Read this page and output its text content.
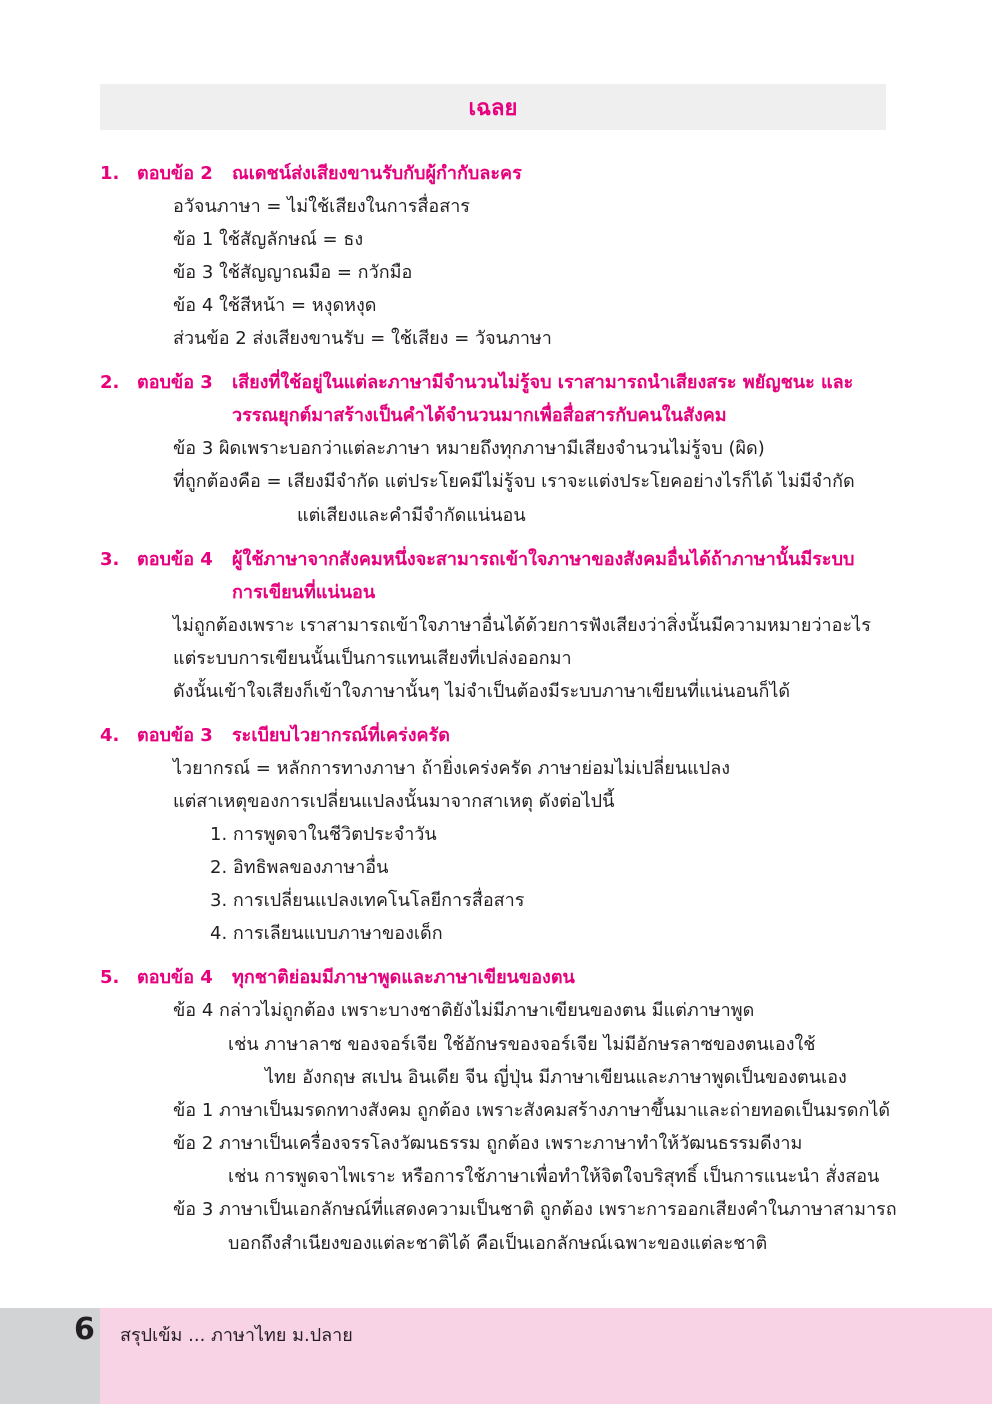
เฉลย
1. ตอบข้อ 2 ณเดชน์ส่งเสียงขานรับกับผู้กำกับละคร
อวัจนภาษา = ไม่ใช้เสียงในการสื่อสาร
ข้อ 1 ใช้สัญลักษณ์ = ธง
ข้อ 3 ใช้สัญญาณมือ = กวักมือ
ข้อ 4 ใช้สีหน้า = หงุดหงุด
ส่วนข้อ 2 ส่งเสียงขานรับ = ใช้เสียง = วัจนภาษา
2. ตอบข้อ 3 เสียงที่ใช้อยู่ในแต่ละภาษามีจำนวนไม่รู้จบ เราสามารถนำเสียงสระ พยัญชนะ และ
วรรณยุกต์มาสร้างเป็นคำได้จำนวนมากเพื่อสื่อสารกับคนในสังคม
ข้อ 3 ผิดเพราะบอกว่าแต่ละภาษา หมายถึงทุกภาษามีเสียงจำนวนไม่รู้จบ (ผิด)
ที่ถูกต้องคือ = เสียงมีจำกัด แต่ประโยคมีไม่รู้จบ เราจะแต่งประโยคอย่างไรก็ได้ ไม่มีจำกัด
แต่เสียงและคำมีจำกัดแน่นอน
3. ตอบข้อ 4 ผู้ใช้ภาษาจากสังคมหนึ่งจะสามารถเข้าใจภาษาของสังคมอื่นได้ถ้าภาษานั้นมีระบบ
การเขียนที่แน่นอน
ไม่ถูกต้องเพราะ เราสามารถเข้าใจภาษาอื่นได้ด้วยการฟังเสียงว่าสิ่งนั้นมีความหมายว่าอะไร
แต่ระบบการเขียนนั้นเป็นการแทนเสียงที่เปล่งออกมา
ดังนั้นเข้าใจเสียงก็เข้าใจภาษานั้นๆ ไม่จำเป็นต้องมีระบบภาษาเขียนที่แน่นอนก็ได้
4. ตอบข้อ 3 ระเบียบไวยากรณ์ที่เคร่งครัด
ไวยากรณ์ = หลักการทางภาษา ถ้ายิ่งเคร่งครัด ภาษาย่อมไม่เปลี่ยนแปลง
แต่สาเหตุของการเปลี่ยนแปลงนั้นมาจากสาเหตุ ดังต่อไปนี้
1. การพูดจาในชีวิตประจำวัน
2. อิทธิพลของภาษาอื่น
3. การเปลี่ยนแปลงเทคโนโลยีการสื่อสาร
4. การเลียนแบบภาษาของเด็ก
5. ตอบข้อ 4 ทุกชาติย่อมมีภาษาพูดและภาษาเขียนของตน
ข้อ 4 กล่าวไม่ถูกต้อง เพราะบางชาติยังไม่มีภาษาเขียนของตน มีแต่ภาษาพูด
เช่น ภาษาลาซ ของจอร์เจีย ใช้อักษรของจอร์เจีย ไม่มีอักษรลาซของตนเองใช้
ไทย อังกฤษ สเปน อินเดีย จีน ญี่ปุ่น มีภาษาเขียนและภาษาพูดเป็นของตนเอง
ข้อ 1 ภาษาเป็นมรดกทางสังคม ถูกต้อง เพราะสังคมสร้างภาษาขึ้นมาและถ่ายทอดเป็นมรดกได้
ข้อ 2 ภาษาเป็นเครื่องจรรโลงวัฒนธรรม ถูกต้อง เพราะภาษาทำให้วัฒนธรรมดีงาม
เช่น การพูดจาไพเราะ หรือการใช้ภาษาเพื่อทำให้จิตใจบริสุทธิ์ เป็นการแนะนำ สั่งสอน
ข้อ 3 ภาษาเป็นเอกลักษณ์ที่แสดงความเป็นชาติ ถูกต้อง เพราะการออกเสียงคำในภาษาสามารถ
บอกถึงสำเนียงของแต่ละชาติได้ คือเป็นเอกลักษณ์เฉพาะของแต่ละชาติ
6 สรุปเข้ม ... ภาษาไทย ม.ปลาย
